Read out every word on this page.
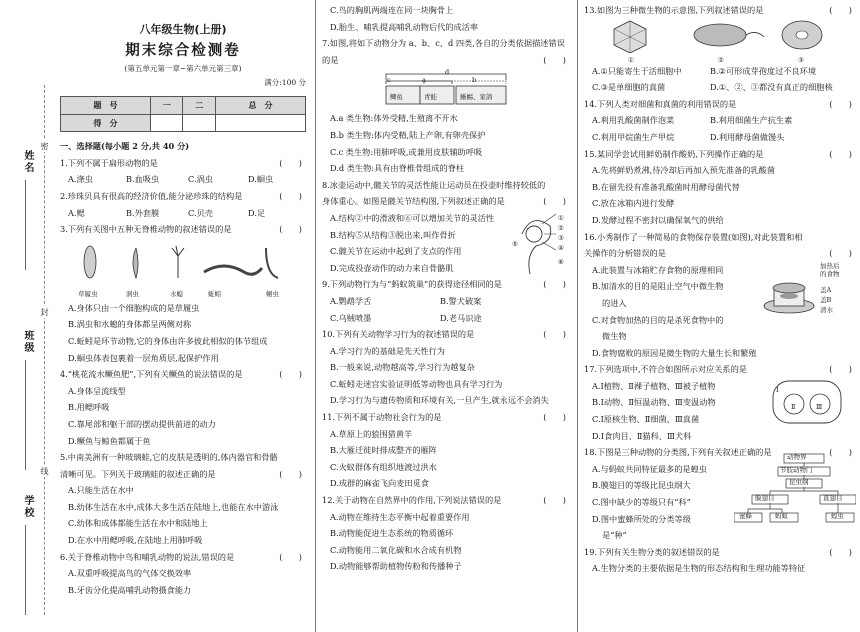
姓名
班级
学校
密
封
线
八年级生物(上册)
期末综合检测卷
(第五单元第一章~第六单元第三章)
满分:100 分
题　号	一	二	总　分
得　分			
一、选择题(每小题 2 分,共 40 分)
1.下列不属于扁形动物的是	(　　)
A.涤虫	B.血吸虫	C.涡虫	D.蛔虫
2.珍珠贝具有很高的经济价值,能分泌珍珠的结构是	(　　)
A.鳃	B.外套膜	C.贝壳	D.足
3.下列有关图中五种无脊椎动物的叙述错误的是	(　　)
草履虫	涡虫	水螅	蚯蚓	蛔虫
A.身体只由一个细胞构成的是草履虫
B.涡虫和水螅的身体都呈两侧对称
C.蚯蚓是环节动物,它的身体由许多彼此相似的体节组成
D.蛔虫体表包裹着一层角质层,起保护作用
4.“桃花流水鳜鱼肥”,下列有关鳜鱼的说法错误的是	(　　)
A.身体呈流线型
B.用鳃呼吸
C.靠尾部和躯干部的摆动提供前进的动力
D.鳜鱼与鲸鱼都属于鱼
5.中南美洲有一种玻璃蛙,它的皮肤是透明的,体内器官和骨骼
清晰可见。下列关于玻璃蛙的叙述正确的是	(　　)
A.只能生活在水中
B.幼体生活在水中,成体大多生活在陆地上,也能在水中游泳
C.幼体和成体都能生活在水中和陆地上
D.在水中用鳃呼吸,在陆地上用肺呼吸
6.关于脊椎动物中鸟和哺乳动物的说法,错误的是	(　　)
A.双重呼吸提高鸟的气体交换效率
B.牙齿分化提高哺乳动物摄食能力
C.鸟的胸肌两端连在同一块胸骨上
D.胎生、哺乳提高哺乳动物后代的成活率
7.如图,将如下动物分为 a、b、c、d 四类,各自的分类依据描述错误
的是	(　　)
d
c	a	b
鲫鱼	青蛙	蜥蜴、家鸽
A.a 类生物:体外受精,生殖离不开水
B.b 类生物:体内受精,陆上产卵,有卵壳保护
C.c 类生物:用肺呼吸,或兼用皮肤辅助呼吸
D.d 类生物:具有由脊椎骨组成的脊柱
8.冰壶运动中,髋关节的灵活性能让运动员在投壶时维持较低的
身体重心。如图是髋关节结构图,下列叙述正确的是	(　　)
A.结构②中的滑液和⑥可以增加关节的灵活性
B.结构⑤从结构③脱出来,叫作骨折
C.髋关节在运动中起到了支点的作用
D.完成投壶动作的动力来自骨骼肌
①
②
③
④
⑤
⑥
9.下列动物行为与“蚂蚁筑巢”的获得途径相同的是	(　　)
A.鹦鹉学舌	B.警犬破案
C.乌贼喷墨	D.老马识途
10.下列有关动物学习行为的叙述错误的是	(　　)
A.学习行为的基础是先天性行为
B.一般来说,动物越高等,学习行为越复杂
C.蚯蚓走迷宫实验证明低等动物也具有学习行为
D.学习行为与遗传物质和环境有关,一旦产生,就永远不会消失
11.下列不属于动物社会行为的是	(　　)
A.草原上的狼围猎黄羊
B.大雁迁徙时排成整齐的雁阵
C.火蚁群体有组织地渡过洪水
D.成群的麻雀飞向麦田觅食
12.关于动物在自然界中的作用,下列说法错误的是	(　　)
A.动物在维持生态平衡中起着重要作用
B.动物能促进生态系统的物质循环
C.动物能用二氧化碳和水合成有机物
D.动物能够帮助植物传粉和传播种子
13.如图为三种微生物的示意图,下列叙述错误的是	(　　)
①	②	③
A.①只能寄生于活细胞中	B.②可形成芽孢度过不良环境
C.③是单细胞的真菌	D.①、②、③都没有真正的细胞核
14.下列人类对细菌和真菌的利用错误的是	(　　)
A.利用乳酸菌制作泡菜	B.利用细菌生产抗生素
C.利用甲烷菌生产甲烷	D.利用酵母菌做馒头
15.某同学尝试用鲜奶制作酸奶,下列操作正确的是	(　　)
A.先将鲜奶煮沸,待冷却后再加入预先准备的乳酸菌
B.在留先投有准备乳酸菌时用酵母菌代替
C.放在冰箱内进行发酵
D.发酵过程不密封以确保氧气的供给
16.小秀制作了一种简易的食物保存装置(如图),对此装置和相
关操作的分析错误的是	(　　)
A.此装置与冰箱贮存食物的原理相同
B.加清水的目的是阻止空气中微生物
的进入
C.对食物加热的目的是杀死食物中的
微生物
D.食物腐败的原因是微生物的大量生长和繁殖
加热后
的食物
盖A
盖B
清水
17.下列选项中,不符合如图所示对应关系的是	(　　)
A.Ⅰ植物、Ⅱ裸子植物、Ⅲ被子植物
B.Ⅰ动物、Ⅱ恒温动物、Ⅲ变温动物
C.Ⅰ原核生物、Ⅱ细菌、Ⅲ真菌
D.Ⅰ食肉目、Ⅱ猫科、Ⅲ犬科
Ⅰ
Ⅱ	Ⅲ
18.下图是三种动物的分类图,下列有关叙述正确的是	(　　)
A.与蚂蚁共同特征最多的是蝗虫
B.膜翅目的等级比昆虫纲大
C.图中缺少的等级只有“科”
D.图中蜜蜂所处的分类等级
是“种”
动物界
节肢动物门
昆虫纲
膜翅目	直翅目
蜜蜂	蚂蚁	蝗虫
19.下列有关生物分类的叙述错误的是	(　　)
A.生物分类的主要依据是生物的形态结构和生理功能等特征
